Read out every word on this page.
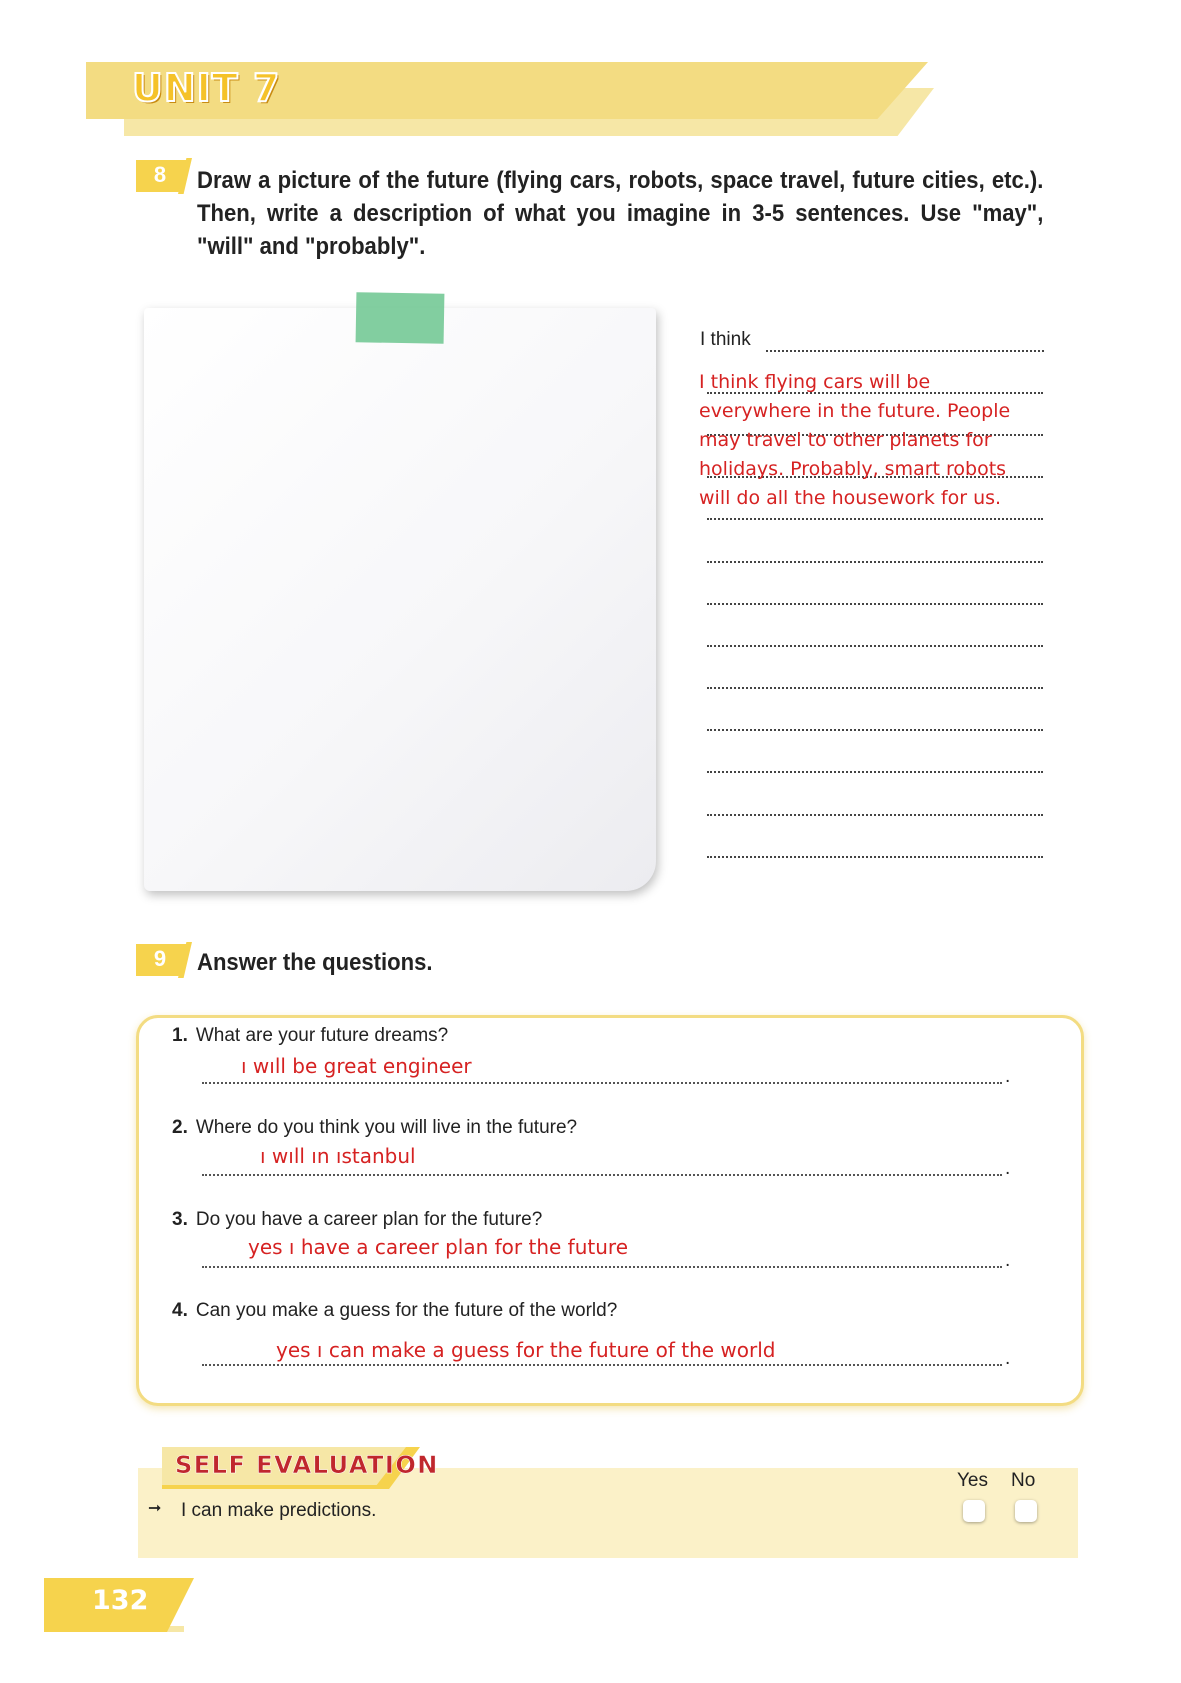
UNIT 7
8	Draw a picture of the future (flying cars, robots, space travel, future cities, etc.). Then, write a description of what you imagine in 3-5 sentences. Use "may", "will" and "probably".
I think
I think flying cars will be everywhere in the future. People may travel to other planets for holidays. Probably, smart robots will do all the housework for us.
9	Answer the questions.
1. What are your future dreams?
ı wıll be great engineer	.
2. Where do you think you will live in the future?
ı wıll ın ıstanbul
.
3. Do you have a career plan for the future?
yes ı have a career plan for the future
.
4. Can you make a guess for the future of the world?
yes ı can make a guess for the future of the world	.
SELF EVALUATION
Yes No
➞ I can make predictions.
132
